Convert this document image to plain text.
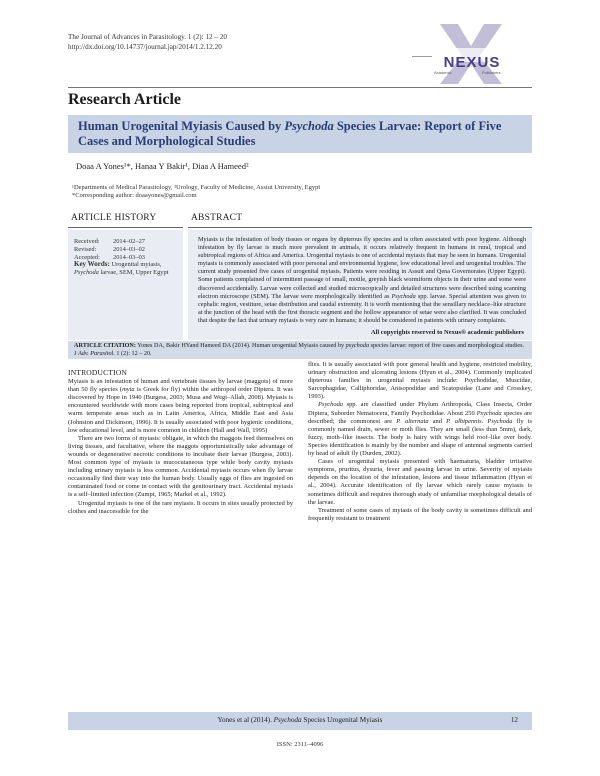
The Journal of Advances in Parasitology. 1 (2): 12 – 20
http://dx.doi.org/10.14737/journal.jap/2014/1.2.12.20
NEXUS
Academic	Publishers
Research Article
Human Urogenital Myiasis Caused by Psychoda Species Larvae: Report of Five Cases and Morphological Studies
Doaa A Yones¹*, Hanaa Y Bakir¹, Diaa A Hameed²
¹Departments of Medical Parasitology, ²Urology, Faculty of Medicine, Assiut University, Egypt
*Corresponding author: doaayones@gmail.com
ARTICLE HISTORY	ABSTRACT
Received: 2014–02–27
Revised:	2014–03–02
Accepted: 2014–03–03
Key Words: Urogenital myiasis, Psychoda larvae, SEM, Upper Egypt
Myiasis is the infestation of body tissues or organs by dipterous fly species and is often associated with poor hygiene. Although infestation by fly larvae is much more prevalent in animals, it occurs relatively frequent in humans in rural, tropical and subtropical regions of Africa and America. Urogenital myiasis is one of accidental myiasis that may be seen in humans. Urogenital myiasis is commonly associated with poor personal and environmental hygiene, low educational level and urogenital troubles. The current study presented five cases of urogenital myiasis. Patients were residing in Assuit and Qena Governorates (Upper Egypt). Some patients complained of intermittent passage of small, motile, greyish black wormiform objects in their urine and some were discovered accidentally. Larvae were collected and studied microscopically and detailed structures were described using scanning electron microscope (SEM). The larvae were morphologically identified as Psychoda spp. larvae. Special attention was given to cephalic region, vestiture, setae distribution and caudal extremity. It is worth mentioning that the sensillary necklace–like structure at the junction of the head with the first thoracic segment and the hollow appearance of setae were also clarified. It was concluded that despite the fact that urinary myiasis is very rare in humans; it should be considered in patients with urinary complaints.
All copyrights reserved to Nexus® academic publishers
ARTICLE CITATION: Yones DA, Bakir HYand Hameed DA (2014). Human urogenital Myiasis caused by psychoda species larvae: report of five cases and morphological studies. J Adv. Parasitol. 1 (2): 12 – 20.
INTRODUCTION

Myiasis is an infestation of human and vertebrate tissues by larvae (maggots) of more than 50 fly species (myia is Greek for fly) within the arthropod order Diptera. It was discovered by Hope in 1940 (Burgess, 2003; Musa and Wegi–Allah, 2008). Myiasis is encountered worldwide with more cases being reported from tropical, subtropical and warm temperate areas such as in Latin America, Africa, Middle East and Asia (Johnston and Dickinson, 1996). It is usually associated with poor hygienic conditions, low educational level, and is more common in children (Hall and Wall, 1995)

There are two forms of myiasis: obligate, in which the maggots feed themselves on living tissues, and facultative, where the maggots opportunistically take advantage of wounds or degenerative necrotic conditions to incubate their larvae (Burgess, 2003). Most common type of myiasis is mucocutaneous type while body cavity myiasis including urinary myiasis is less common. Accidental myiasis occurs when fly larvae occasionally find their way into the human body. Usually eggs of flies are ingested on contaminated food or come in contact with the genitourinary tract. Accidental myiasis is a self–limited infection (Zumpt, 1965; Markel et al., 1992).

Urogenital myiasis is one of the rare myiasis. It occurs in sites usually protected by clothes and inaccessible for the

flies. It is usually associated with poor general health and hygiene, restricted mobility, urinary obstruction and ulcerating lesions (Hyun et al., 2004). Commonly implicated dipterous families in urogenital myiasis include: Psychodidae, Muscidae, Sarcophagidae, Calliphoridae, Anisopodidae and Scatopsidae (Lane and Crosskey, 1993).

Psychoda spp. are classified under Phylum Arthropoda, Class Insecta, Order Diptera, Suborder Nematocera, Family Psychodidae. About 250 Psychoda species are described; the commonest are P. alternata and P. albipennis. Psychoda fly is commonly named drain, sewer or moth flies. They are small (less than 5mm), dark, fuzzy, moth–like insects. The body is hairy with wings held roof–like over body. Species identification is mainly by the number and shape of antennal segments carried by head of adult fly (Durden, 2002).

Cases of urogenital myiasis presented with haematuria, bladder irritative symptoms, pruritus, dysuria, fever and passing larvae in urine. Severity of myiasis depends on the location of the infestation, lesions and tissue inflammation (Hyun et al., 2004). Accurate identification of fly larvae which rarely cause myiasis is sometimes difficult and requires thorough study of unfamiliar morphological details of the larvae.

Treatment of some cases of myiasis of the body cavity is sometimes difficult and frequently resistant to treatment

Yones et al (2014). Psychoda Species Urogenital Myiasis	12
ISSN: 2311–4096
